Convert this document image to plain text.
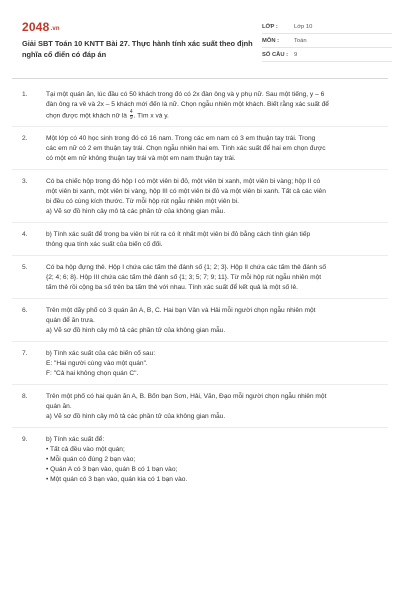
2048.vn
Giải SBT Toán 10 KNTT Bài 27. Thực hành tính xác suất theo định nghĩa cổ điển có đáp án
LỚP :	Lớp 10
MÔN :	Toán
SỐ CÂU :	9
1.	Tại một quán ăn, lúc đầu có 50 khách trong đó có 2x đàn ông và y phụ nữ. Sau một tiếng, y – 6
đàn ông ra về và 2x – 5 khách mới đến là nữ. Chọn ngẫu nhiên một khách. Biết rằng xác suất để
chọn được một khách nữ là $\frac{4}{9}$ . Tìm x và y.
2.	Một lớp có 40 học sinh trong đó có 16 nam. Trong các em nam có 3 em thuận tay trái. Trong
các em nữ có 2 em thuận tay trái. Chọn ngẫu nhiên hai em. Tính xác suất để hai em chọn được
có một em nữ không thuận tay trái và một em nam thuận tay trái.
3.	Có ba chiếc hộp trong đó hộp I có một viên bi đỏ, một viên bi xanh, một viên bi vàng; hộp II có
một viên bi xanh, một viên bi vàng, hộp III có một viên bi đỏ và một viên bi xanh. Tất cả các viên
bi đều có cùng kích thước. Từ mỗi hộp rút ngẫu nhiên một viên bi.
a) Vẽ sơ đồ hình cây mô tả các phần tử của không gian mẫu.
4.	b) Tính xác suất để trong ba viên bi rút ra có ít nhất một viên bi đỏ bằng cách tính gián tiếp
thông qua tính xác suất của biến cố đối.
5.	Có ba hộp đựng thẻ. Hộp I chứa các tấm thẻ đánh số {1; 2; 3}. Hộp II chứa các tấm thẻ đánh số
{2; 4; 6; 8}. Hộp III chứa các tấm thẻ đánh số {1; 3; 5; 7; 9; 11}. Từ mỗi hộp rút ngẫu nhiên một
tấm thẻ rồi cộng ba số trên ba tấm thẻ với nhau. Tính xác suất để kết quả là một số lẻ.
6.	Trên một dãy phố có 3 quán ăn A, B, C. Hai bạn Vân và Hải mỗi người chọn ngẫu nhiên một
quán để ăn trưa.
a) Vẽ sơ đồ hình cây mô tả các phần tử của không gian mẫu.
7.	b) Tính xác suất của các biến cố sau:
E: "Hai người cùng vào một quán".
F: "Cả hai không chọn quán C".
8.	Trên một phố có hai quán ăn A, B. Bốn bạn Sơn, Hải, Văn, Đạo mỗi người chọn ngẫu nhiên một
quán ăn.
a) Vẽ sơ đồ hình cây mô tả các phần tử của không gian mẫu.
9.	b) Tính xác suất để:
• Tất cả đều vào một quán;
• Mỗi quán có đúng 2 bạn vào;
• Quán A có 3 bạn vào, quán B có 1 bạn vào;
• Một quán có 3 bạn vào, quán kia có 1 bạn vào.
